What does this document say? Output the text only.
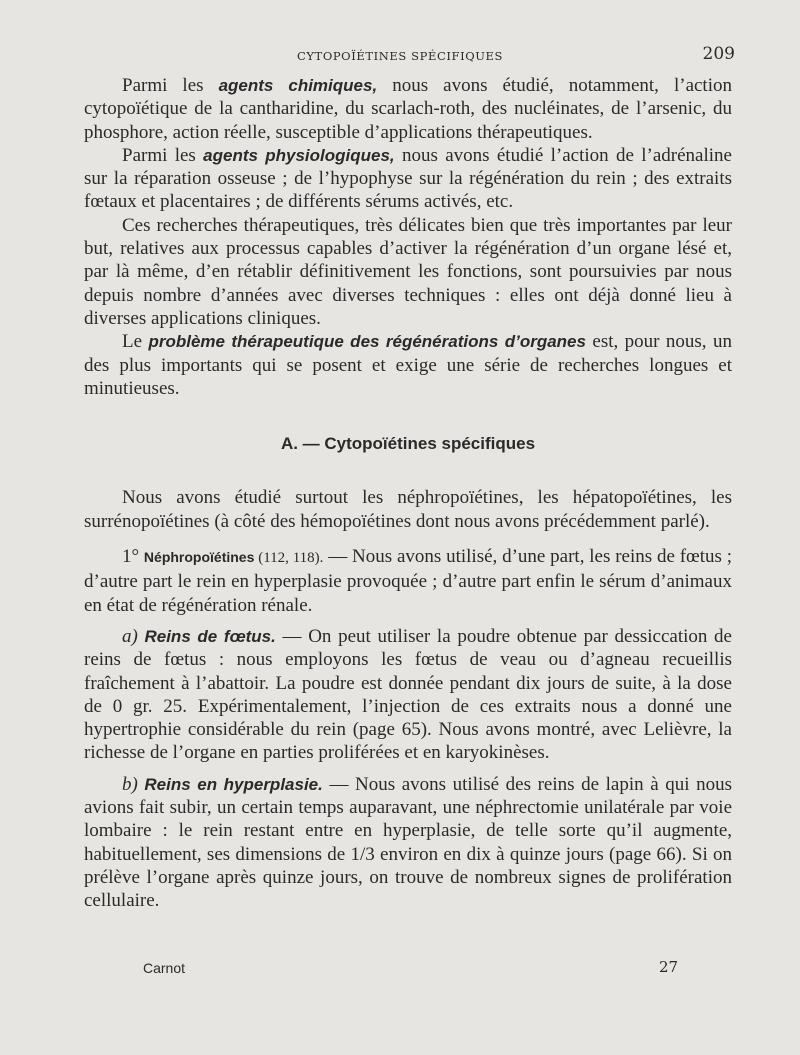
CYTOPOÏÉTINES SPÉCIFIQUES	209

Parmi les agents chimiques, nous avons étudié, notamment, l’action cytopoïétique de la cantharidine, du scarlach-roth, des nucléinates, de l’arsenic, du phosphore, action réelle, susceptible d’applications thérapeutiques.

Parmi les agents physiologiques, nous avons étudié l’action de l’adrénaline sur la réparation osseuse ; de l’hypophyse sur la régénération du rein ; des extraits fœtaux et placentaires ; de différents sérums activés, etc.

Ces recherches thérapeutiques, très délicates bien que très importantes par leur but, relatives aux processus capables d’activer la régénération d’un organe lésé et, par là même, d’en rétablir définitivement les fonctions, sont poursuivies par nous depuis nombre d’années avec diverses techniques : elles ont déjà donné lieu à diverses applications cliniques.

Le problème thérapeutique des régénérations d’organes est, pour nous, un des plus importants qui se posent et exige une série de recherches longues et minutieuses.

A. — Cytopoïétines spécifiques

Nous avons étudié surtout les néphropoïétines, les hépatopoïétines, les surrénopoïétines (à côté des hémopoïétines dont nous avons précédemment parlé).

1° Néphropoïétines (112, 118). — Nous avons utilisé, d’une part, les reins de fœtus ; d’autre part le rein en hyperplasie provoquée ; d’autre part enfin le sérum d’animaux en état de régénération rénale.

a) Reins de fœtus. — On peut utiliser la poudre obtenue par dessiccation de reins de fœtus : nous employons les fœtus de veau ou d’agneau recueillis fraîchement à l’abattoir. La poudre est donnée pendant dix jours de suite, à la dose de 0 gr. 25. Expérimentalement, l’injection de ces extraits nous a donné une hypertrophie considérable du rein (page 65). Nous avons montré, avec Lelièvre, la richesse de l’organe en parties proliférées et en karyokinèses.

b) Reins en hyperplasie. — Nous avons utilisé des reins de lapin à qui nous avions fait subir, un certain temps auparavant, une néphrectomie unilatérale par voie lombaire : le rein restant entre en hyperplasie, de telle sorte qu’il augmente, habituellement, ses dimensions de 1/3 environ en dix à quinze jours (page 66). Si on prélève l’organe après quinze jours, on trouve de nombreux signes de prolifération cellulaire.

Carnot	27
